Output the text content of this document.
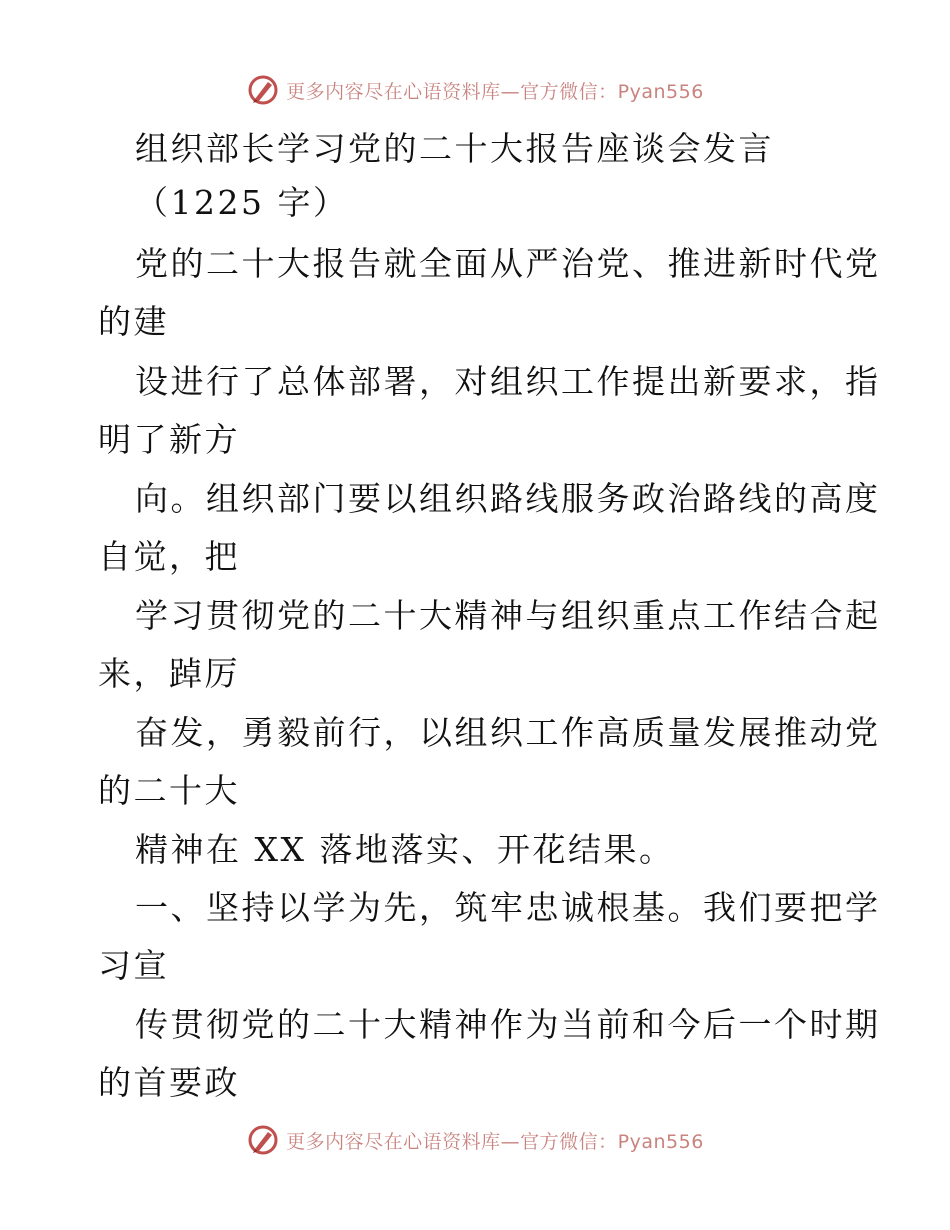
更多内容尽在心语资料库—官方微信：Pyan556
组织部长学习党的二十大报告座谈会发言
（1225 字）
党的二十大报告就全面从严治党、推进新时代党
的建
设进行了总体部署，对组织工作提出新要求，指
明了新方
向。组织部门要以组织路线服务政治路线的高度
自觉，把
学习贯彻党的二十大精神与组织重点工作结合起
来，踔厉
奋发，勇毅前行，以组织工作高质量发展推动党
的二十大
精神在 XX 落地落实、开花结果。
一、坚持以学为先，筑牢忠诚根基。我们要把学
习宣
传贯彻党的二十大精神作为当前和今后一个时期
的首要政
更多内容尽在心语资料库—官方微信：Pyan556
